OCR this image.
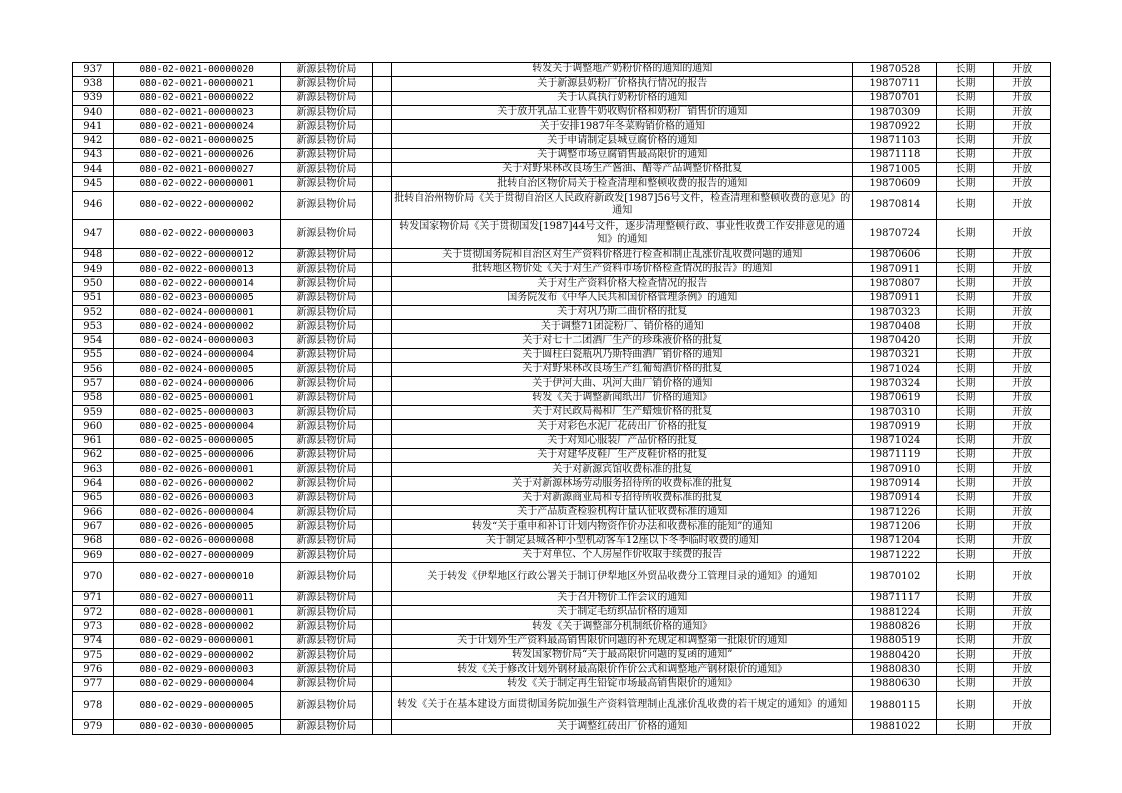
937	080-02-0021-00000020	新源县物价局		转发关于调整地产奶粉价格的通知的通知	19870528	长期	开放
938	080-02-0021-00000021	新源县物价局		关于新源县奶粉厂价格执行情况的报告	19870711	长期	开放
939	080-02-0021-00000022	新源县物价局		关于认真执行奶粉价格的通知	19870701	长期	开放
940	080-02-0021-00000023	新源县物价局		关于放开乳品工业鲁牛奶收购价格和奶粉厂销售价的通知	19870309	长期	开放
941	080-02-0021-00000024	新源县物价局		关于安排1987年冬菜购销价格的通知	19870922	长期	开放
942	080-02-0021-00000025	新源县物价局		关于申请制定县城豆腐价格的通知	19871103	长期	开放
943	080-02-0021-00000026	新源县物价局		关于调整市场豆腐销售最高限价的通知	19871118	长期	开放
944	080-02-0021-00000027	新源县物价局		关于对野果林改良场生产酱油、醋等产品调整价格批复	19871005	长期	开放
945	080-02-0022-00000001	新源县物价局		批转自治区物价局关于检查清理和整顿收费的报告的通知	19870609	长期	开放
946	080-02-0022-00000002	新源县物价局		批转自治州物价局《关于贯彻自治区人民政府新政发[1987]56号文件，检查清理和整顿收费的意见》的通知	19870814	长期	开放
947	080-02-0022-00000003	新源县物价局		转发国家物价局《关于贯彻国发[1987]44号文件，逐步清理整顿行政、事业性收费工作安排意见的通知》的通知	19870724	长期	开放
948	080-02-0022-00000012	新源县物价局		关于贯彻国务院和自治区对生产资料价格进行检查和制止乱涨价乱收费问题的通知	19870606	长期	开放
949	080-02-0022-00000013	新源县物价局		批转地区物价处《关于对生产资料市场价格检查情况的报告》的通知	19870911	长期	开放
950	080-02-0022-00000014	新源县物价局		关于对生产资料价格大检查情况的报告	19870807	长期	开放
951	080-02-0023-00000005	新源县物价局		国务院发布《中华人民共和国价格管理条例》的通知	19870911	长期	开放
952	080-02-0024-00000001	新源县物价局		关于对巩乃斯二曲价格的批复	19870323	长期	开放
953	080-02-0024-00000002	新源县物价局		关于调整71团淀粉厂、销价格的通知	19870408	长期	开放
954	080-02-0024-00000003	新源县物价局		关于对七十二团酒厂生产的珍珠液价格的批复	19870420	长期	开放
955	080-02-0024-00000004	新源县物价局		关于圆柱白瓷瓶巩乃斯特曲酒厂销价格的通知	19870321	长期	开放
956	080-02-0024-00000005	新源县物价局		关于对野果林改良场生产红葡萄酒价格的批复	19871024	长期	开放
957	080-02-0024-00000006	新源县物价局		关于伊河大曲、巩河大曲厂销价格的通知	19870324	长期	开放
958	080-02-0025-00000001	新源县物价局		转发《关于调整新闻纸出厂价格的通知》	19870619	长期	开放
959	080-02-0025-00000003	新源县物价局		关于对民政局褐和厂生产蜡烛价格的批复	19870310	长期	开放
960	080-02-0025-00000004	新源县物价局		关于对彩色水泥厂花砖出厂价格的批复	19870919	长期	开放
961	080-02-0025-00000005	新源县物价局		关于对知心服装厂产品价格的批复	19871024	长期	开放
962	080-02-0025-00000006	新源县物价局		关于对建华皮鞋厂生产皮鞋价格的批复	19871119	长期	开放
963	080-02-0026-00000001	新源县物价局		关于对新源宾馆收费标准的批复	19870910	长期	开放
964	080-02-0026-00000002	新源县物价局		关于对新源林场劳动服务招待所的收费标准的批复	19870914	长期	开放
965	080-02-0026-00000003	新源县物价局		关于对新源商业局和专招待所收费标准的批复	19870914	长期	开放
966	080-02-0026-00000004	新源县物价局		关于产品质查检验机构计量认征收费标准的通知	19871226	长期	开放
967	080-02-0026-00000005	新源县物价局		转发“关于重申和补订计划内物资作价办法和收费标准的能知”的通知	19871206	长期	开放
968	080-02-0026-00000008	新源县物价局		关于制定县城各种小型机动客车12座以下冬季临时收费的通知	19871204	长期	开放
969	080-02-0027-00000009	新源县物价局		关于对单位、个人房屋作价收取手续费的报告	19871222	长期	开放
970	080-02-0027-00000010	新源县物价局		关于转发《伊犁地区行政公署关于制订伊犁地区外贸品收费分工管理目录的通知》的通知	19870102	长期	开放
971	080-02-0027-00000011	新源县物价局		关于召开物价工作会议的通知	19871117	长期	开放
972	080-02-0028-00000001	新源县物价局		关于制定毛纺织品价格的通知	19881224	长期	开放
973	080-02-0028-00000002	新源县物价局		转发《关于调整部分机制纸价格的通知》	19880826	长期	开放
974	080-02-0029-00000001	新源县物价局		关于计划外生产资料最高销售限价问题的补充规定和调整第一批限价的通知	19880519	长期	开放
975	080-02-0029-00000002	新源县物价局		转发国家物价局“关于最高限价问题的复函的通知”	19880420	长期	开放
976	080-02-0029-00000003	新源县物价局		转发《关于修改计划外钢材最高限价作价公式和调整地产钢材限价的通知》	19880830	长期	开放
977	080-02-0029-00000004	新源县物价局		转发《关于制定再生铅锭市场最高销售限价的通知》	19880630	长期	开放
978	080-02-0029-00000005	新源县物价局		转发《关于在基本建设方面贯彻国务院加强生产资料管理制止乱涨价乱收费的若干规定的通知》的通知	19880115	长期	开放
979	080-02-0030-00000005	新源县物价局		关于调整红砖出厂价格的通知	19881022	长期	开放
